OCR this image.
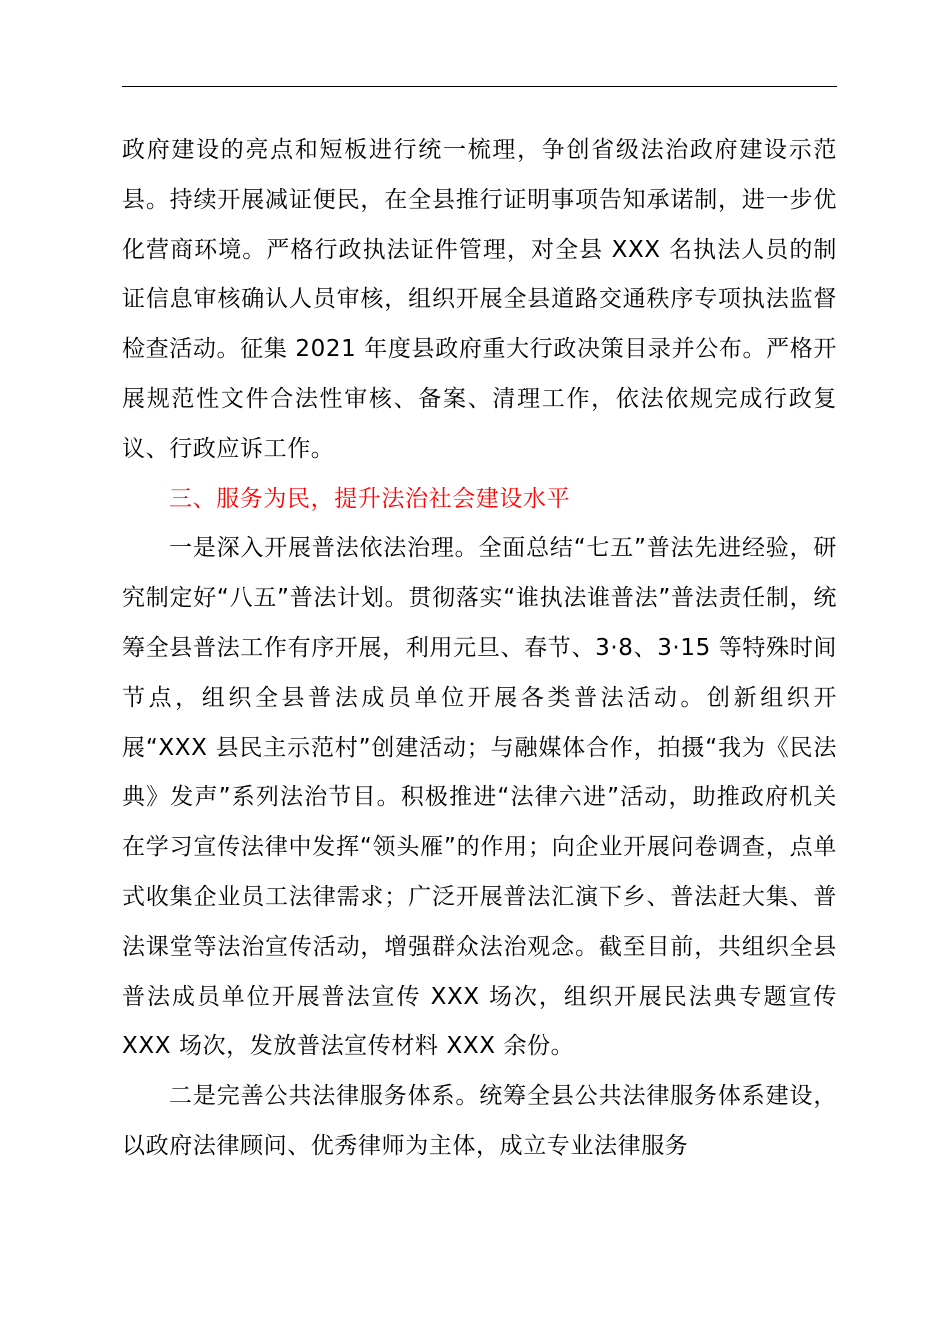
政府建设的亮点和短板进行统一梳理，争创省级法治政府建设示范县。持续开展减证便民，在全县推行证明事项告知承诺制，进一步优化营商环境。严格行政执法证件管理，对全县 XXX 名执法人员的制证信息审核确认人员审核，组织开展全县道路交通秩序专项执法监督检查活动。征集 2021 年度县政府重大行政决策目录并公布。严格开展规范性文件合法性审核、备案、清理工作，依法依规完成行政复议、行政应诉工作。

三、服务为民，提升法治社会建设水平

一是深入开展普法依法治理。全面总结“七五”普法先进经验，研究制定好“八五”普法计划。贯彻落实“谁执法谁普法”普法责任制，统筹全县普法工作有序开展，利用元旦、春节、3·8、3·15 等特殊时间节点，组织全县普法成员单位开展各类普法活动。创新组织开展“XXX 县民主示范村”创建活动；与融媒体合作，拍摄“我为《民法典》发声”系列法治节目。积极推进“法律六进”活动，助推政府机关在学习宣传法律中发挥“领头雁”的作用；向企业开展问卷调查，点单式收集企业员工法律需求；广泛开展普法汇演下乡、普法赶大集、普法课堂等法治宣传活动，增强群众法治观念。截至目前，共组织全县普法成员单位开展普法宣传 XXX 场次，组织开展民法典专题宣传 XXX 场次，发放普法宣传材料 XXX 余份。

二是完善公共法律服务体系。统筹全县公共法律服务体系建设，以政府法律顾问、优秀律师为主体，成立专业法律服务
